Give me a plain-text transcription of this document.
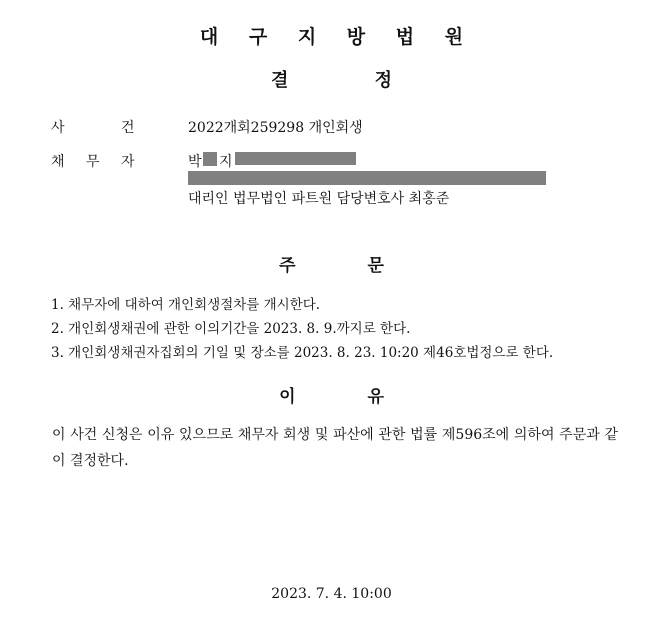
대 구 지 방 법 원
결 정
사	건	2022개회259298 개인회생
채 무 자	박 지
대리인 법무법인 파트원 담당변호사 최홍준
주 문
1. 채무자에 대하여 개인회생절차를 개시한다.
2. 개인회생채권에 관한 이의기간을 2023. 8. 9.까지로 한다.
3. 개인회생채권자집회의 기일 및 장소를 2023. 8. 23. 10:20 제46호법정으로 한다.
이 유
이 사건 신청은 이유 있으므로 채무자 회생 및 파산에 관한 법률 제596조에 의하여 주문과 같이 결정한다.
2023. 7. 4. 10:00
